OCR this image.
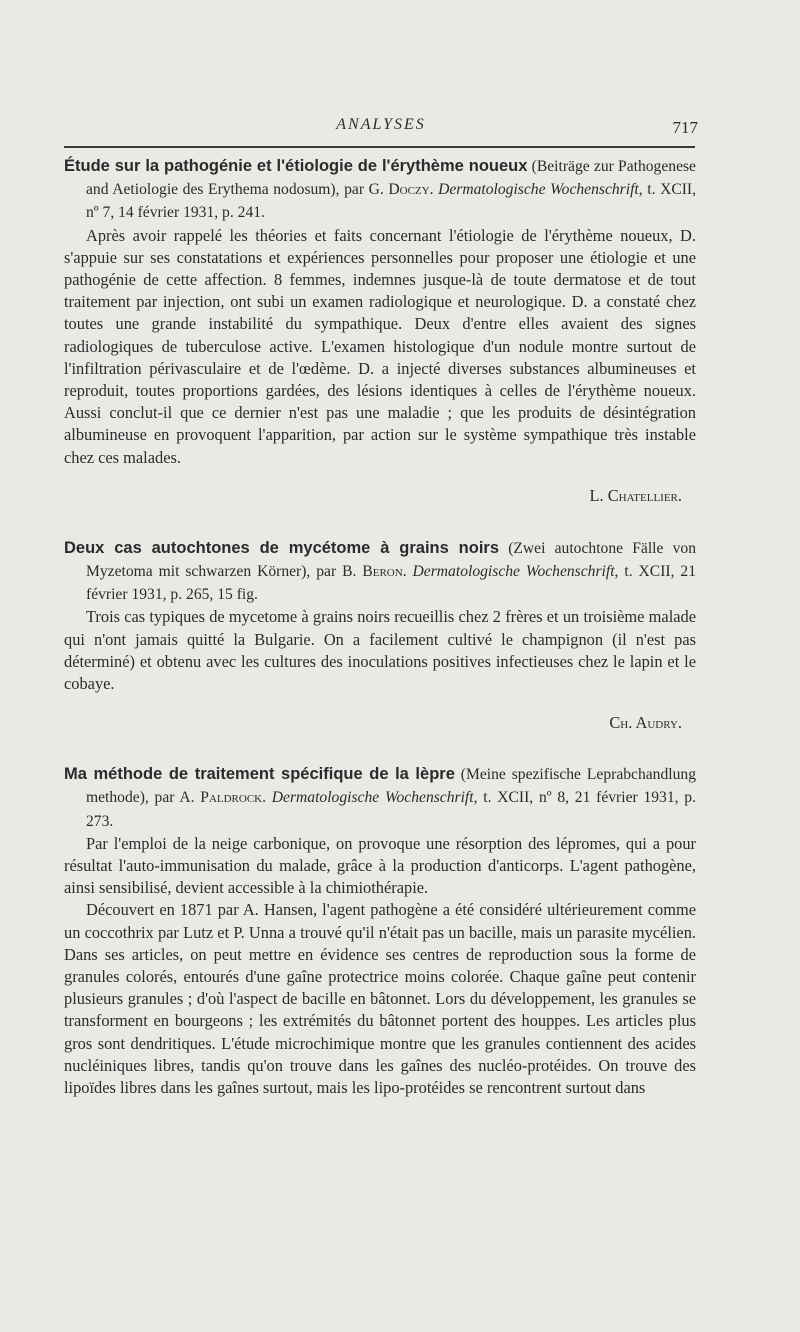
ANALYSES	717

Étude sur la pathogénie et l'étiologie de l'érythème noueux (Beiträge zur Pathogenese and Aetiologie des Erythema nodosum), par G. Doczy. Dermatologische Wochenschrift, t. XCII, nº 7, 14 février 1931, p. 241.

Après avoir rappelé les théories et faits concernant l'étiologie de l'érythème noueux, D. s'appuie sur ses constatations et expériences personnelles pour proposer une étiologie et une pathogénie de cette affection. 8 femmes, indemnes jusque-là de toute dermatose et de tout traitement par injection, ont subi un examen radiologique et neurologique. D. a constaté chez toutes une grande instabilité du sympathique. Deux d'entre elles avaient des signes radiologiques de tuberculose active. L'examen histologique d'un nodule montre surtout de l'infiltration périvasculaire et de l'œdème. D. a injecté diverses substances albumineuses et reproduit, toutes proportions gardées, des lésions identiques à celles de l'érythème noueux. Aussi conclut-il que ce dernier n'est pas une maladie ; que les produits de désintégration albumineuse en provoquent l'apparition, par action sur le système sympathique très instable chez ces malades.

L. Chatellier.

Deux cas autochtones de mycétome à grains noirs (Zwei autochtone Fälle von Myzetoma mit schwarzen Körner), par B. Beron. Dermatologische Wochenschrift, t. XCII, 21 février 1931, p. 265, 15 fig.

Trois cas typiques de mycetome à grains noirs recueillis chez 2 frères et un troisième malade qui n'ont jamais quitté la Bulgarie. On a facilement cultivé le champignon (il n'est pas déterminé) et obtenu avec les cultures des inoculations positives infectieuses chez le lapin et le cobaye.

Ch. Audry.

Ma méthode de traitement spécifique de la lèpre (Meine spezifische Leprabchandlung methode), par A. Paldrock. Dermatologische Wochenschrift, t. XCII, nº 8, 21 février 1931, p. 273.

Par l'emploi de la neige carbonique, on provoque une résorption des lépromes, qui a pour résultat l'auto-immunisation du malade, grâce à la production d'anticorps. L'agent pathogène, ainsi sensibilisé, devient accessible à la chimiothérapie.

Découvert en 1871 par A. Hansen, l'agent pathogène a été considéré ultérieurement comme un coccothrix par Lutz et P. Unna a trouvé qu'il n'était pas un bacille, mais un parasite mycélien. Dans ses articles, on peut mettre en évidence ses centres de reproduction sous la forme de granules colorés, entourés d'une gaîne protectrice moins colorée. Chaque gaîne peut contenir plusieurs granules ; d'où l'aspect de bacille en bâtonnet. Lors du développement, les granules se transforment en bourgeons ; les extrémités du bâtonnet portent des houppes. Les articles plus gros sont dendritiques. L'étude microchimique montre que les granules contiennent des acides nucléiniques libres, tandis qu'on trouve dans les gaînes des nucléo-protéides. On trouve des lipoïdes libres dans les gaînes surtout, mais les lipo-protéides se rencontrent surtout dans
